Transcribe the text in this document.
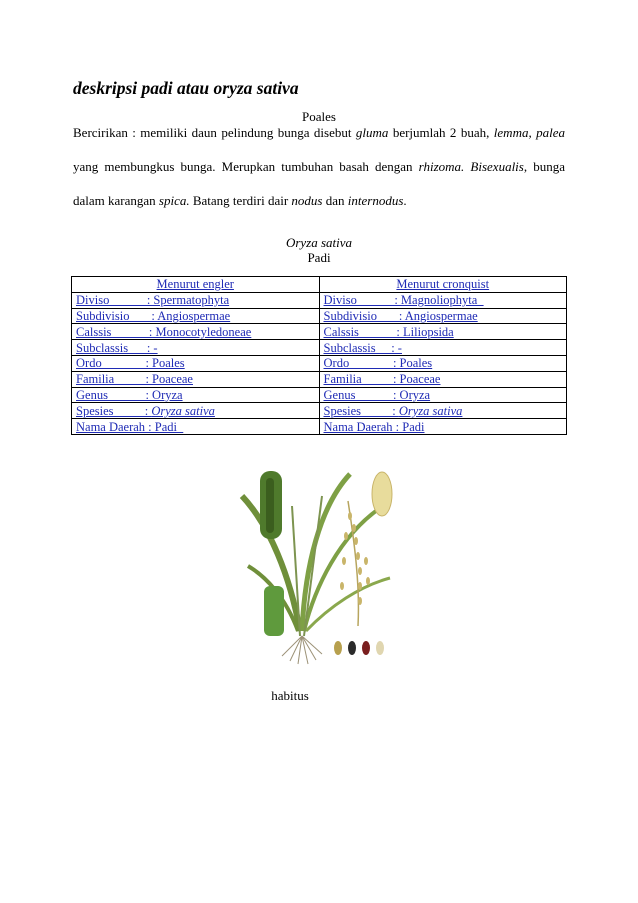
deskripsi padi atau oryza sativa
Poales
Bercirikan : memiliki daun pelindung bunga disebut gluma berjumlah 2 buah, lemma, palea
yang membungkus bunga. Merupkan tumbuhan basah dengan rhizoma. Bisexualis, bunga
dalam karangan spica. Batang terdiri dair nodus dan internodus.
Oryza sativa
Padi
Menurut engler	Menurut cronquist
Diviso            : Spermatophyta	Diviso            : Magnoliophyta
Subdivisio       : Angiospermae	Subdivisio       : Angiospermae
Calssis            : Monocotyledoneae	Calssis            : Liliopsida
Subclassis      : -	Subclassis     : -
Ordo              : Poales	Ordo              : Poales
Familia          : Poaceae	Familia          : Poaceae
Genus            : Oryza	Genus            : Oryza
Spesies          : Oryza sativa	Spesies          : Oryza sativa
Nama Daerah : Padi	Nama Daerah : Padi
habitus
